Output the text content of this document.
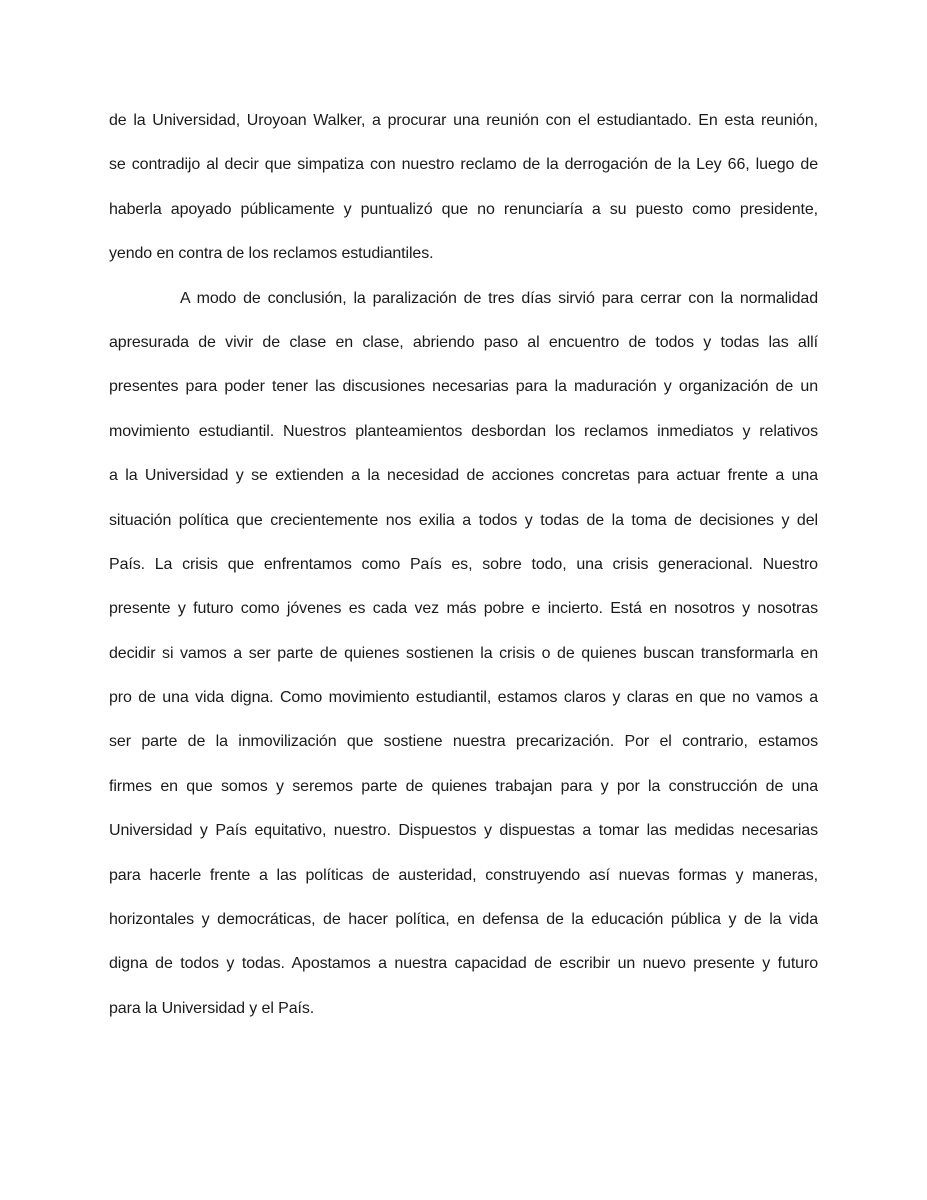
de la Universidad, Uroyoan Walker, a procurar una reunión con el estudiantado. En esta reunión,
se contradijo al decir que simpatiza con nuestro reclamo de la derrogación de la Ley 66, luego de
haberla apoyado públicamente y puntualizó que no renunciaría a su puesto como presidente,
yendo en contra de los reclamos estudiantiles.
A modo de conclusión, la paralización de tres días sirvió para cerrar con la normalidad
apresurada de vivir de clase en clase, abriendo paso al encuentro de todos y todas las allí
presentes para poder tener las discusiones necesarias para la maduración y organización de un
movimiento estudiantil. Nuestros planteamientos desbordan los reclamos inmediatos y relativos
a la Universidad y se extienden a la necesidad de acciones concretas para actuar frente a una
situación política que crecientemente nos exilia a todos y todas de la toma de decisiones y del
País. La crisis que enfrentamos como País es, sobre todo, una crisis generacional. Nuestro
presente y futuro como jóvenes es cada vez más pobre e incierto. Está en nosotros y nosotras
decidir si vamos a ser parte de quienes sostienen la crisis o de quienes buscan transformarla en
pro de una vida digna. Como movimiento estudiantil, estamos claros y claras en que no vamos a
ser parte de la inmovilización que sostiene nuestra precarización. Por el contrario, estamos
firmes en que somos y seremos parte de quienes trabajan para y por la construcción de una
Universidad y País equitativo, nuestro. Dispuestos y dispuestas a tomar las medidas necesarias
para hacerle frente a las políticas de austeridad, construyendo así nuevas formas y maneras,
horizontales y democráticas, de hacer política, en defensa de la educación pública y de la vida
digna de todos y todas. Apostamos a nuestra capacidad de escribir un nuevo presente y futuro
para la Universidad y el País.
